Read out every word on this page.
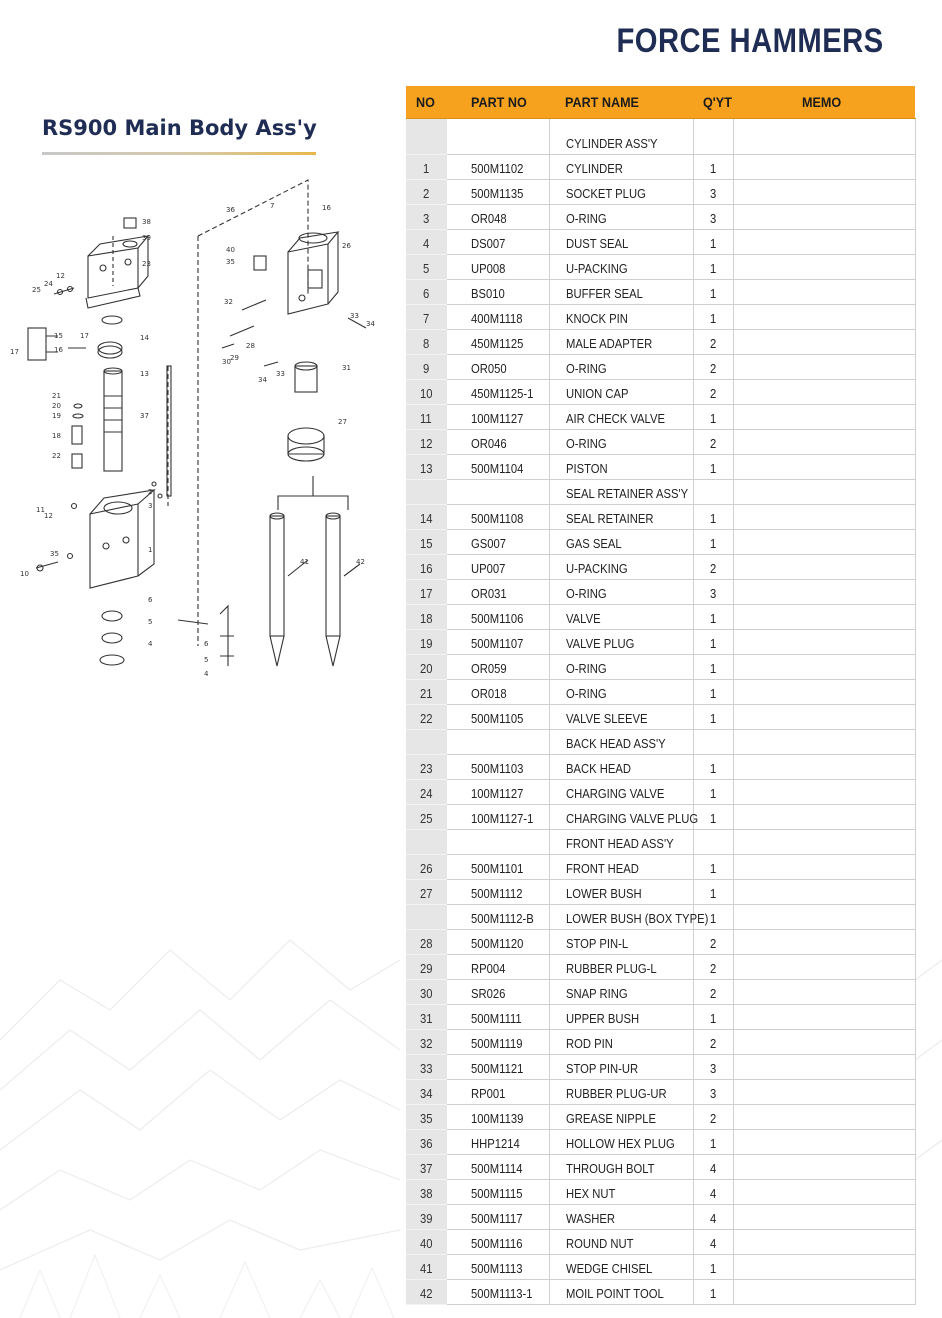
FORCE HAMMERS
RS900 Main Body Ass'y
38
39
23
12
24
25
15
16
17
17	14
13
21
20
19
18
22
37
11
12
2
3
1
35
10
6
5
4	6
5
4
36	7	16
26
40
35
32
29
30
28
34
33
33
34
31
27
41	42
NO	PART NO	PART NAME	Q'YT	MEMO
		CYLINDER ASS'Y		
1	500M1102	CYLINDER	1	
2	500M1135	SOCKET PLUG	3	
3	OR048	O-RING	3	
4	DS007	DUST SEAL	1	
5	UP008	U-PACKING	1	
6	BS010	BUFFER SEAL	1	
7	400M1118	KNOCK PIN	1	
8	450M1125	MALE ADAPTER	2	
9	OR050	O-RING	2	
10	450M1125-1	UNION CAP	2	
11	100M1127	AIR CHECK VALVE	1	
12	OR046	O-RING	2	
13	500M1104	PISTON	1	
		SEAL RETAINER ASS'Y		
14	500M1108	SEAL RETAINER	1	
15	GS007	GAS SEAL	1	
16	UP007	U-PACKING	2	
17	OR031	O-RING	3	
18	500M1106	VALVE	1	
19	500M1107	VALVE PLUG	1	
20	OR059	O-RING	1	
21	OR018	O-RING	1	
22	500M1105	VALVE SLEEVE	1	
		BACK HEAD ASS'Y		
23	500M1103	BACK HEAD	1	
24	100M1127	CHARGING VALVE	1	
25	100M1127-1	CHARGING VALVE PLUG	1	
		FRONT HEAD ASS'Y		
26	500M1101	FRONT HEAD	1	
27	500M1112	LOWER BUSH	1	
	500M1112-B	LOWER BUSH (BOX TYPE)	1	
28	500M1120	STOP PIN-L	2	
29	RP004	RUBBER PLUG-L	2	
30	SR026	SNAP RING	2	
31	500M1111	UPPER BUSH	1	
32	500M1119	ROD PIN	2	
33	500M1121	STOP PIN-UR	3	
34	RP001	RUBBER PLUG-UR	3	
35	100M1139	GREASE NIPPLE	2	
36	HHP1214	HOLLOW HEX PLUG	1	
37	500M1114	THROUGH BOLT	4	
38	500M1115	HEX NUT	4	
39	500M1117	WASHER	4	
40	500M1116	ROUND NUT	4	
41	500M1113	WEDGE CHISEL	1	
42	500M1113-1	MOIL POINT TOOL	1	
